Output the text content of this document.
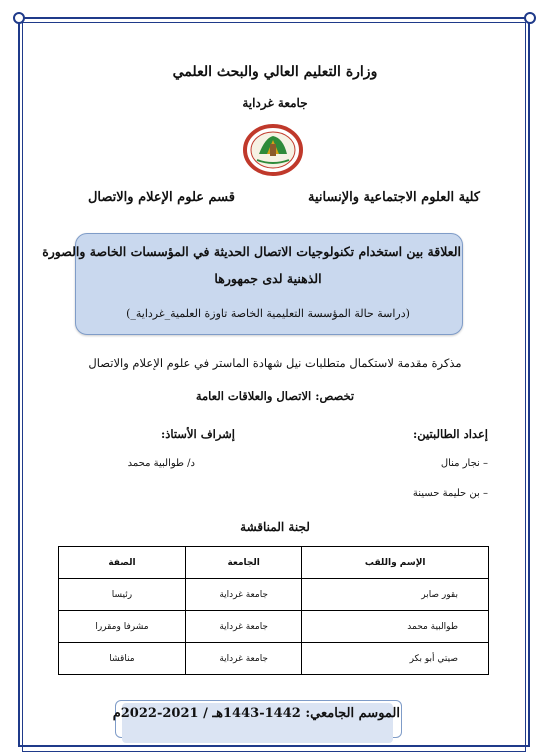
وزارة التعليم العالي والبحث العلمي
جامعة غرداية
كلية العلوم الاجتماعية والإنسانية
قسم علوم الإعلام والاتصال
العلاقة بين استخدام تكنولوجيات الاتصال الحديثة في المؤسسات الخاصة والصورة
الذهنية لدى جمهورها
(دراسة حالة المؤسسة التعليمية الخاصة تاوزة العلمية_غرداية_)
مذكرة مقدمة لاستكمال متطلبات نيل شهادة الماستر في علوم الإعلام والاتصال
تخصص: الاتصال والعلاقات العامة
إعداد الطالبتين:
إشراف الأستاذ:
– نجار منال
– بن حليمة حسينة
د/ طوالبية محمد
لجنة المناقشة
الإسم واللقب	الجامعة	الصفة
بقور صابر	جامعة غرداية	رئيسا
طوالبية محمد	جامعة غرداية	مشرفا ومقررا
صيتي أبو بكر	جامعة غرداية	مناقشا
الموسم الجامعي: 1442-1443هـ / 2021-2022م
